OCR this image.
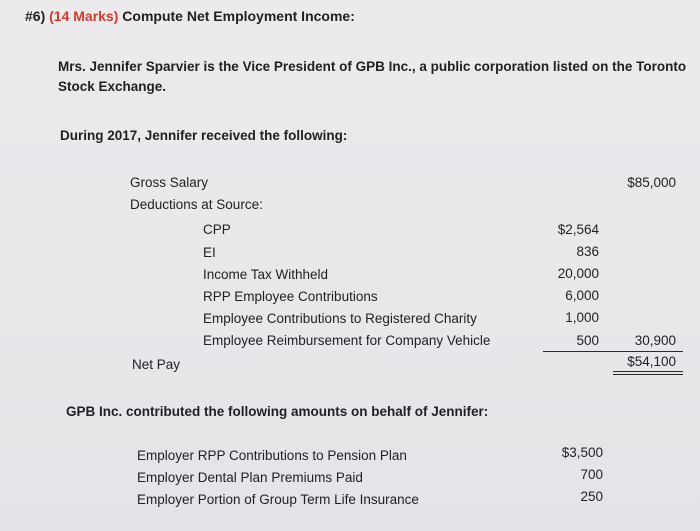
#6) (14 Marks) Compute Net Employment Income:
Mrs. Jennifer Sparvier is the Vice President of GPB Inc., a public corporation listed on the Toronto
Stock Exchange.
During 2017, Jennifer received the following:
Gross Salary	$85,000
Deductions at Source:
CPP	$2,564
EI	836
Income Tax Withheld	20,000
RPP Employee Contributions	6,000
Employee Contributions to Registered Charity	1,000
Employee Reimbursement for Company Vehicle	500	30,900
Net Pay	$54,100
GPB Inc. contributed the following amounts on behalf of Jennifer:
Employer RPP Contributions to Pension Plan	$3,500
Employer Dental Plan Premiums Paid	700
Employer Portion of Group Term Life Insurance	250
